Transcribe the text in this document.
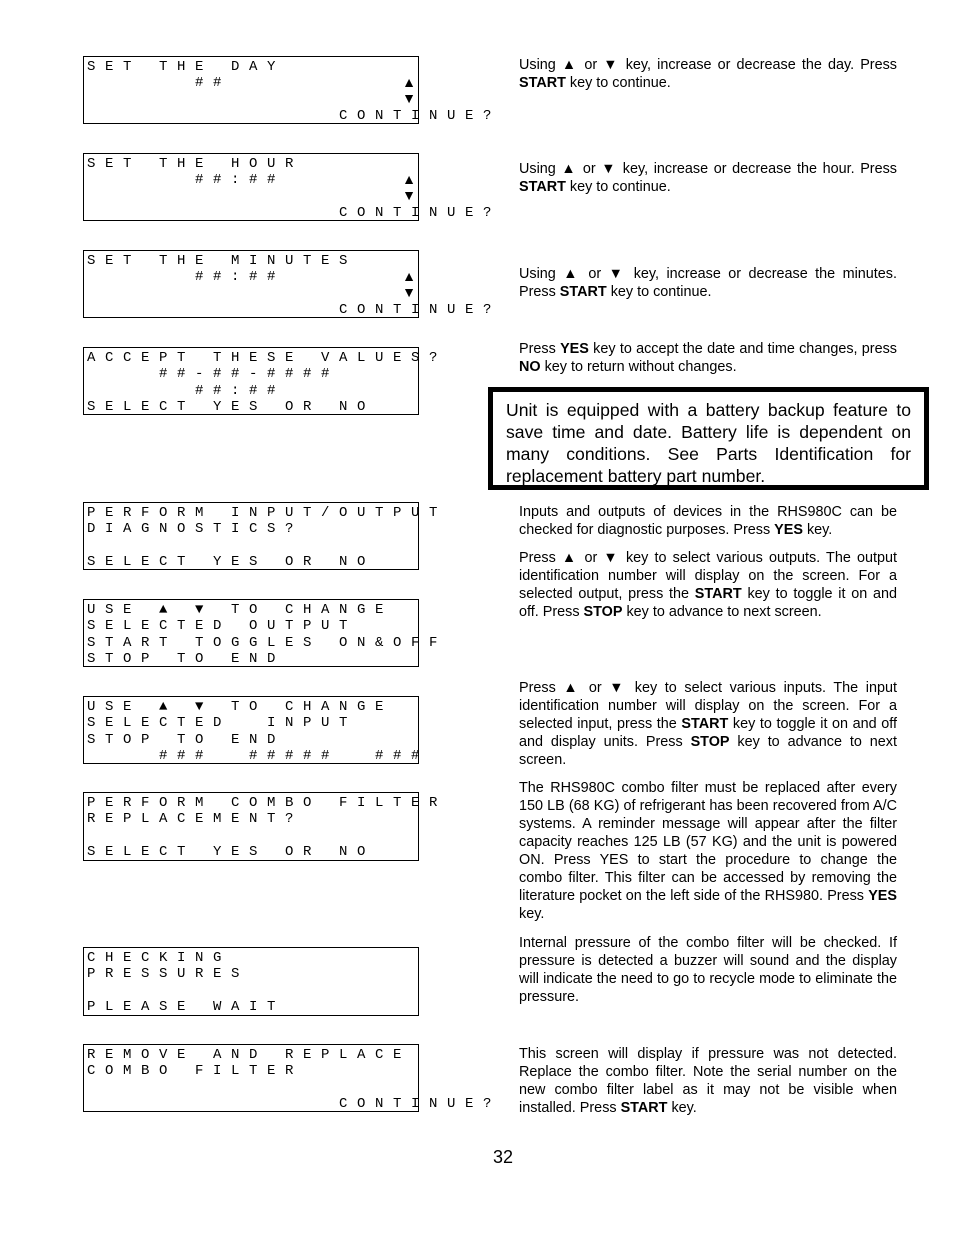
SET THE DAY
##
CONTINUE?
▲
▼
SET THE HOUR
##:##
CONTINUE?
▲
▼
SET THE MINUTES
##:##
CONTINUE?
▲
▼
ACCEPT THESE VALUES?
##-##-####
##:##
SELECT YES OR NO
PERFORM INPUT/OUTPUT
DIAGNOSTICS?
SELECT YES OR NO
USE ▲ ▼ TO CHANGE
SELECTED OUTPUT
START TOGGLES ON&OFF
STOP TO END
USE ▲ ▼ TO CHANGE
SELECTED  INPUT
STOP TO END
###  #####  ###
PERFORM COMBO FILTER
REPLACEMENT?
SELECT YES OR NO
CHECKING
PRESSURES
PLEASE WAIT
REMOVE AND REPLACE
COMBO FILTER
CONTINUE?

Using ▲ or ▼ key, increase or decrease the day. Press START key to continue.

Using ▲ or ▼ key, increase or decrease the hour. Press START key to continue.

Using ▲ or ▼ key, increase or decrease the minutes. Press START key to continue.

Press YES key to accept the date and time changes, press NO key to return without changes.

Unit is equipped with a battery backup feature to save time and date. Battery life is dependent on many conditions. See Parts Identification for replacement battery part number.

Inputs and outputs of devices in the RHS980C can be checked for diagnostic purposes. Press YES key.

Press ▲ or ▼ key to select various outputs. The output identification number will display on the screen. For a selected output, press the START key to toggle it on and off. Press STOP key to advance to next screen.

Press ▲ or ▼ key to select various inputs. The input identification number will display on the screen. For a selected input, press the START key to toggle it on and off and display units. Press STOP key to advance to next screen.

The RHS980C combo filter must be replaced after every 150 LB (68 KG) of refrigerant has been recovered from A/C systems. A reminder message will appear after the filter capacity reaches 125 LB (57 KG) and the unit is powered ON. Press YES to start the procedure to change the combo filter. This filter can be accessed by removing the literature pocket on the left side of the RHS980. Press YES key.

Internal pressure of the combo filter will be checked. If pressure is detected a buzzer will sound and the display will indicate the need to go to recycle mode to eliminate the pressure.

This screen will display if pressure was not detected. Replace the combo filter. Note the serial number on the new combo filter label as it may not be visible when installed. Press START key.

32
